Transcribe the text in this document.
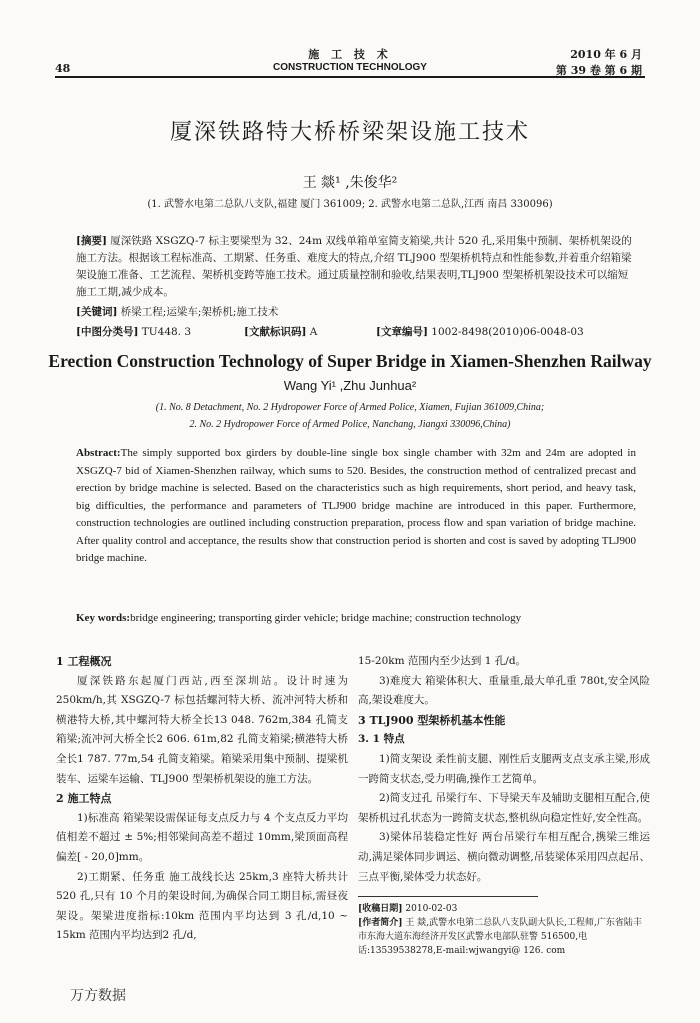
48
施 工 技 术
CONSTRUCTION TECHNOLOGY
2010 年 6 月
第 39 卷 第 6 期
厦深铁路特大桥桥梁架设施工技术
王 燚¹ ,朱俊华²
(1. 武警水电第二总队八支队,福建 厦门 361009; 2. 武警水电第二总队,江西 南昌 330096)
[摘要] 厦深铁路 XSGZQ-7 标主要梁型为 32、24m 双线单箱单室简支箱梁,共计 520 孔,采用集中预制、架桥机架设的施工方法。根据该工程标准高、工期紧、任务重、难度大的特点,介绍 TLJ900 型架桥机特点和性能参数,并着重介绍箱梁架设施工准备、工艺流程、架桥机变跨等施工技术。通过质量控制和验收,结果表明,TLJ900 型架桥机架设技术可以缩短施工工期,减少成本。
[关键词] 桥梁工程;运梁车;架桥机;施工技术
[中图分类号] TU448. 3	[文献标识码] A	[文章编号] 1002-8498(2010)06-0048-03
Erection Construction Technology of Super Bridge in Xiamen-Shenzhen Railway
Wang Yi¹ ,Zhu Junhua²
(1. No. 8 Detachment, No. 2 Hydropower Force of Armed Police, Xiamen, Fujian 361009,China;
2. No. 2 Hydropower Force of Armed Police, Nanchang, Jiangxi 330096,China)
Abstract:The simply supported box girders by double-line single box single chamber with 32m and 24m are adopted in XSGZQ-7 bid of Xiamen-Shenzhen railway, which sums to 520. Besides, the construction method of centralized precast and erection by bridge machine is selected. Based on the characteristics such as high requirements, short period, and heavy task, big difficulties, the performance and parameters of TLJ900 bridge machine are introduced in this paper. Furthermore, construction technologies are outlined including construction preparation, process flow and span variation of bridge machine. After quality control and acceptance, the results show that construction period is shorten and cost is saved by adopting TLJ900 bridge machine.
Key words:bridge engineering; transporting girder vehicle; bridge machine; construction technology
1 工程概况

厦深铁路东起厦门西站,西至深圳站。设计时速为 250km/h,其 XSGZQ-7 标包括螺河特大桥、流冲河特大桥和横港特大桥,其中螺河特大桥全长13 048. 762m,384 孔简支箱梁;流冲河大桥全长2 606. 61m,82 孔简支箱梁;横港特大桥全长1 787. 77m,54 孔简支箱梁。箱梁采用集中预制、提梁机装车、运梁车运输、TLJ900 型架桥机架设的施工方法。

2 施工特点

1)标准高 箱梁架设需保证每支点反力与 4 个支点反力平均值相差不超过 ± 5%;相邻梁间高差不超过 10mm,梁顶面高程偏差[ - 20,0]mm。

2)工期紧、任务重 施工战线长达 25km,3 座特大桥共计 520 孔,只有 10 个月的架设时间,为确保合同工期目标,需昼夜架设。架梁进度指标:10km 范围内平均达到 3 孔/d,10 ~ 15km 范围内平均达到2 孔/d,

15-20km 范围内至少达到 1 孔/d。

3)难度大 箱梁体积大、重量重,最大单孔重 780t,安全风险高,架设难度大。

3 TLJ900 型架桥机基本性能
3. 1 特点

1)简支架设 柔性前支腿、刚性后支腿两支点支承主梁,形成一跨简支状态,受力明确,操作工艺简单。

2)简支过孔 吊梁行车、下导梁天车及辅助支腿相互配合,使架桥机过孔状态为一跨简支状态,整机纵向稳定性好,安全性高。

3)梁体吊装稳定性好 两台吊梁行车相互配合,携梁三维运动,满足梁体同步调运、横向微动调整,吊装梁体采用四点起吊、三点平衡,梁体受力状态好。

[收稿日期] 2010-02-03
[作者简介] 王 燚,武警水电第二总队八支队副大队长,工程师,广东省陆丰市东海大道东海经济开发区武警水电部队驻警 516500,电话:13539538278,E-mail:wjwangyi@ 126. com
万方数据
